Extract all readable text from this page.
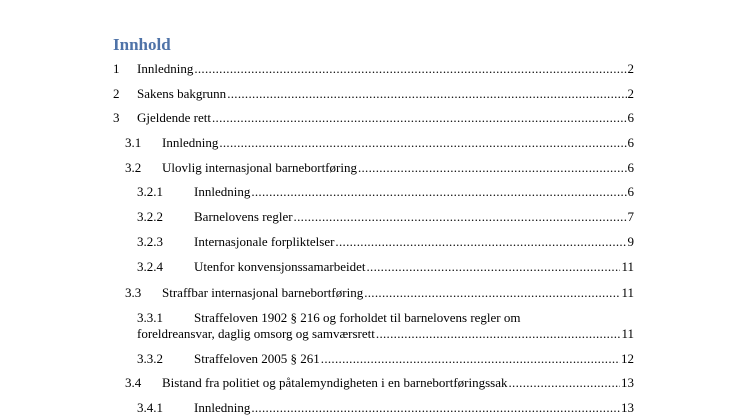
Innhold
1	Innledning .....	2
2	Sakens bakgrunn .....	2
3	Gjeldende rett .....	6
3.1	Innledning .....	6
3.2	Ulovlig internasjonal barnebortføring .....	6
3.2.1	Innledning .....	6
3.2.2	Barnelovens regler .....	7
3.2.3	Internasjonale forpliktelser .....	9
3.2.4	Utenfor konvensjonssamarbeidet .....	11
3.3	Straffbar internasjonal barnebortføring .....	11
3.3.1	Straffeloven 1902 § 216 og forholdet til barnelovens regler om
foreldreansvar, daglig omsorg og samværsrett .....	11
3.3.2	Straffeloven 2005 § 261 .....	12
3.4	Bistand fra politiet og påtalemyndigheten i en barnebortføringssak .....	13
3.4.1	Innledning .....	13
